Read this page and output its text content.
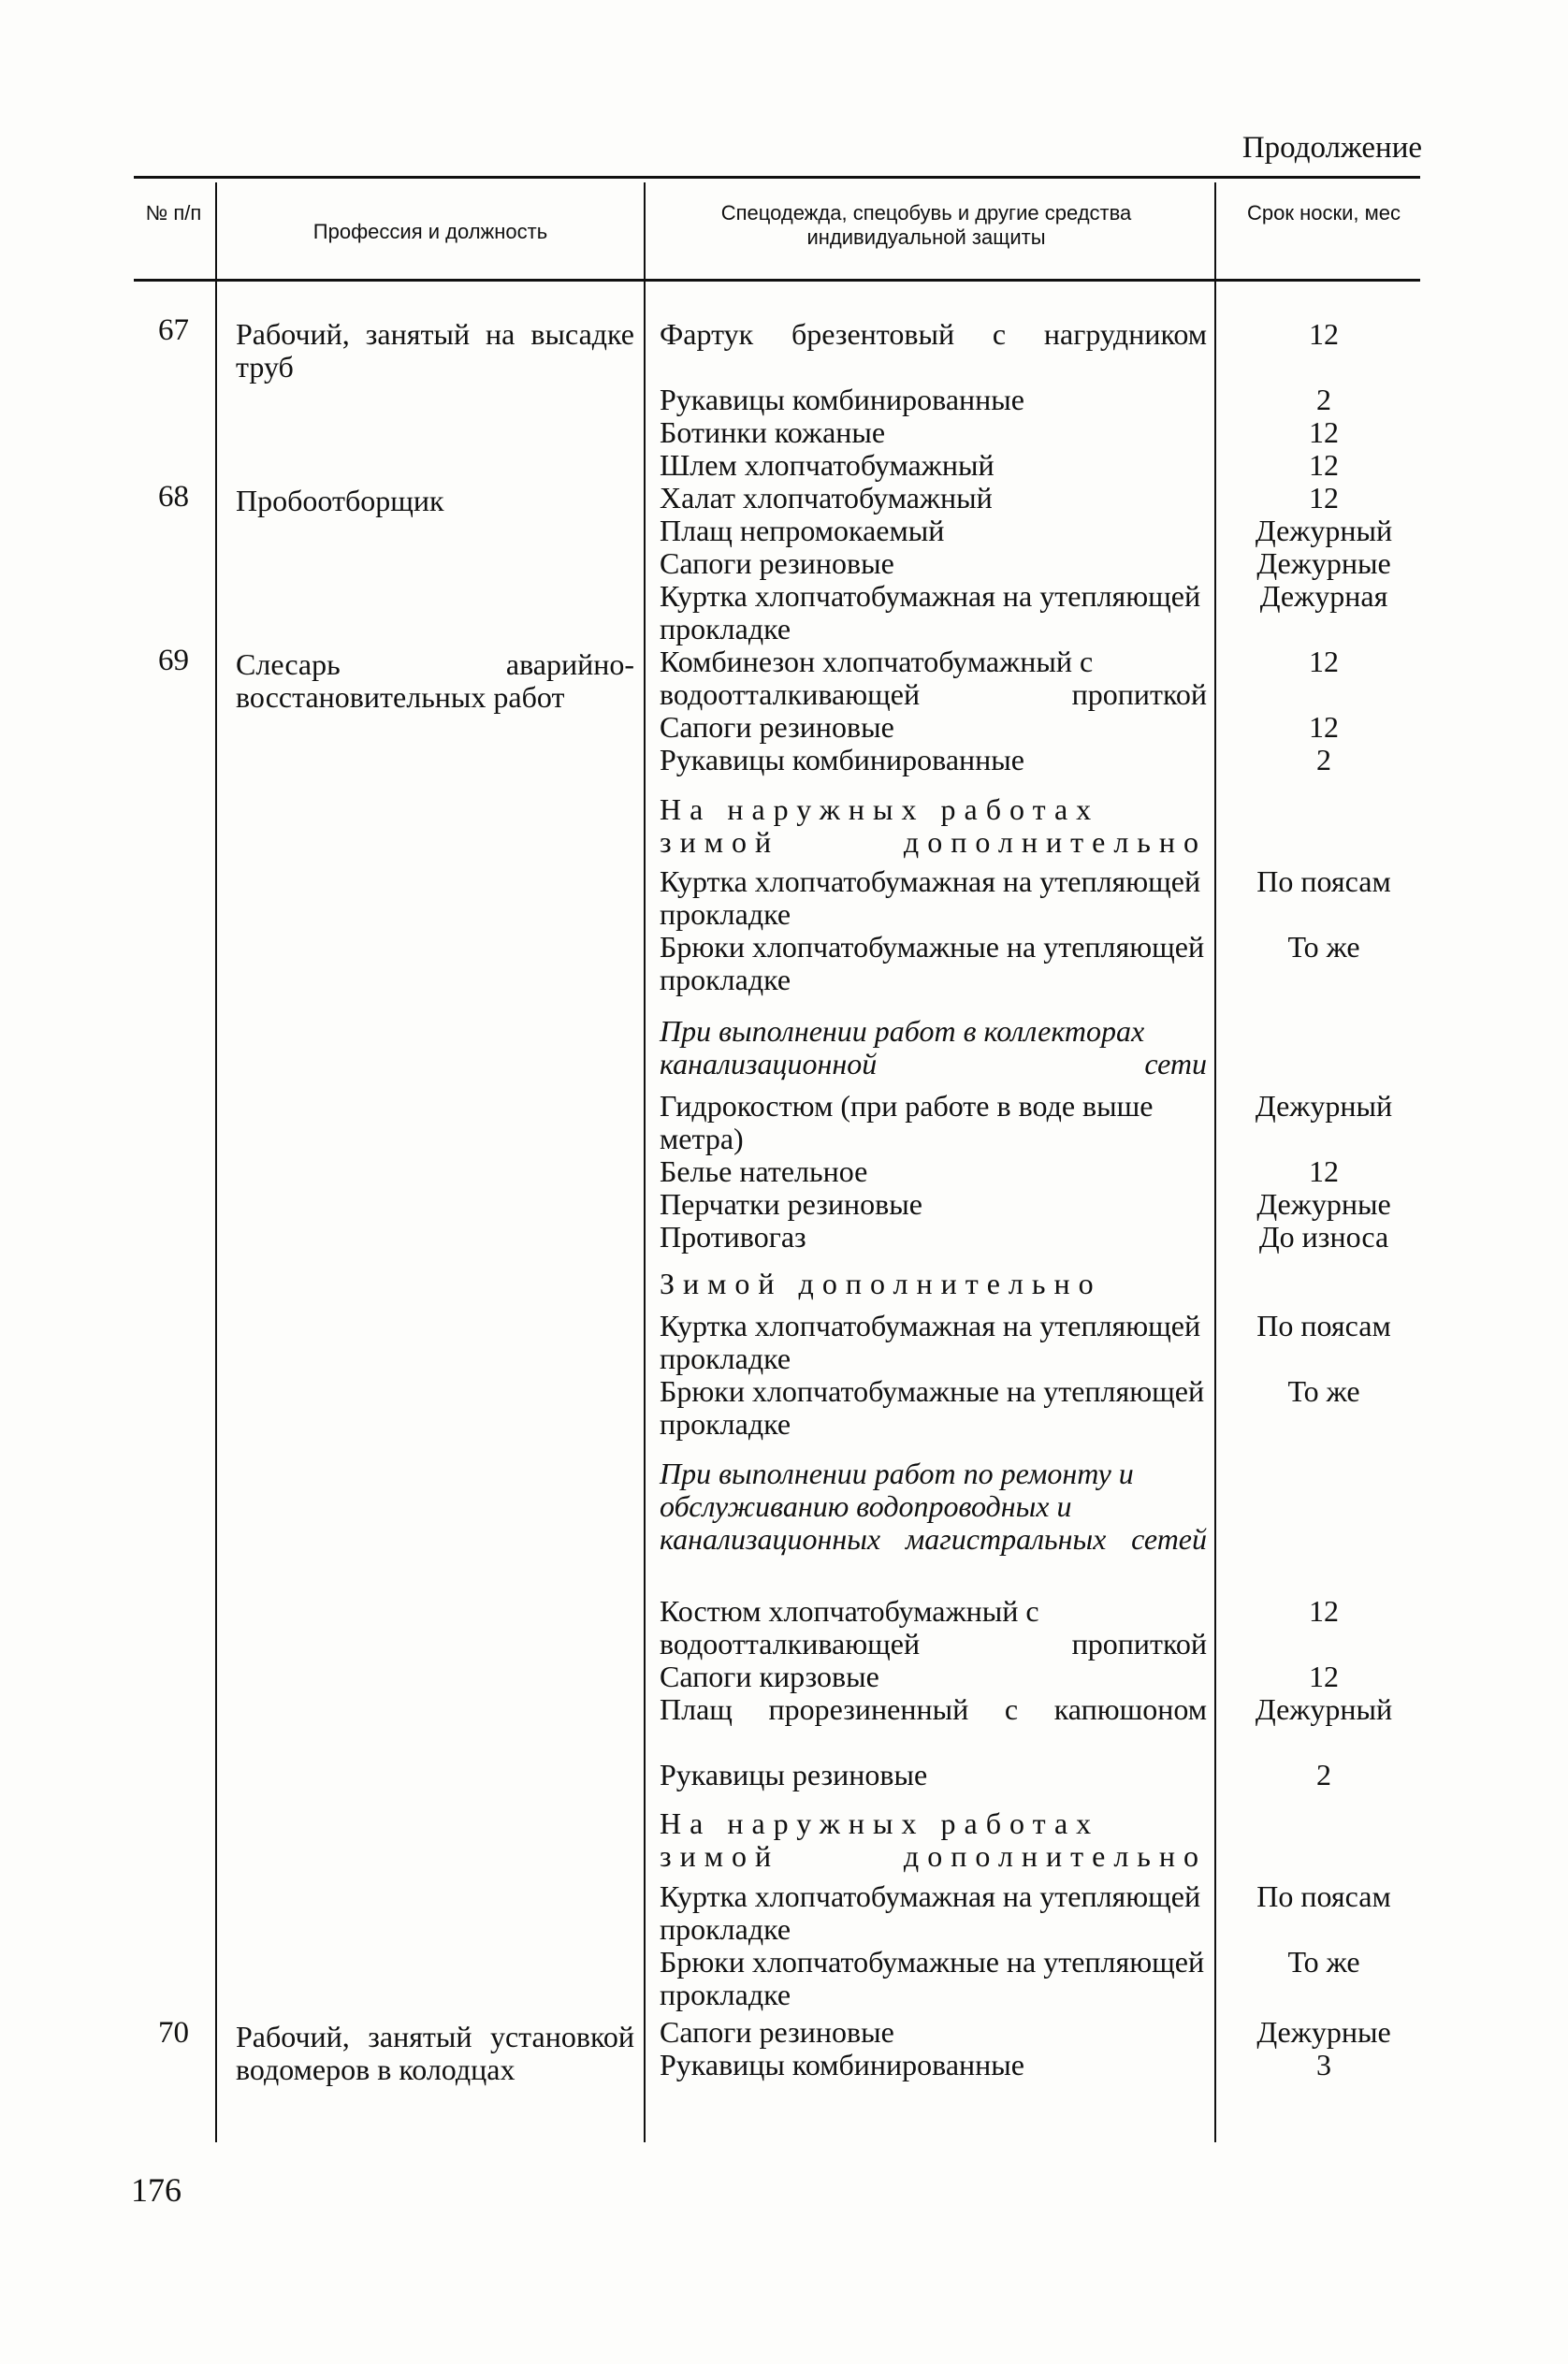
Продолжение
№ п/п
Профессия и должность
Спецодежда, спецобувь и другие средства индивидуальной защиты
Срок носки, мес
67
68
69
70
Рабочий, занятый на высадке труб
Пробоотборщик
Слесарь аварийно-восстановительных работ
Рабочий, занятый установкой водомеров в колодцах
Фартук брезентовый с нагрудником
Рукавицы комбинированные
Ботинки кожаные
Шлем хлопчатобумажный
Халат хлопчатобумажный
Плащ непромокаемый
Сапоги резиновые
Куртка хлопчатобумажная на утепляющей прокладке
Комбинезон хлопчатобумажный с водоотталкивающей пропиткой
Сапоги резиновые
Рукавицы комбинированные
На наружных работах зимой дополнительно
Куртка хлопчатобумажная на утепляющей прокладке
Брюки хлопчатобумажные на утепляющей прокладке
При выполнении работ в коллекторах канализационной сети
Гидрокостюм (при работе в воде выше метра)
Белье нательное
Перчатки резиновые
Противогаз
Зимой дополнительно
Куртка хлопчатобумажная на утепляющей прокладке
Брюки хлопчатобумажные на утепляющей прокладке
При выполнении работ по ремонту и обслуживанию водопроводных и канализационных магистральных сетей
Костюм хлопчатобумажный с водоотталкивающей пропиткой
Сапоги кирзовые
Плащ прорезиненный с капюшоном
Рукавицы резиновые
На наружных работах зимой дополнительно
Куртка хлопчатобумажная на утепляющей прокладке
Брюки хлопчатобумажные на утепляющей прокладке
Сапоги резиновые
Рукавицы комбинированные
12
2
12
12
12
Дежурный
Дежурные
Дежурная
12
12
2
По поясам
То же
Дежурный
12
Дежурные
До износа
По поясам
То же
12
12
Дежурный
2
По поясам
То же
Дежурные
3
176
